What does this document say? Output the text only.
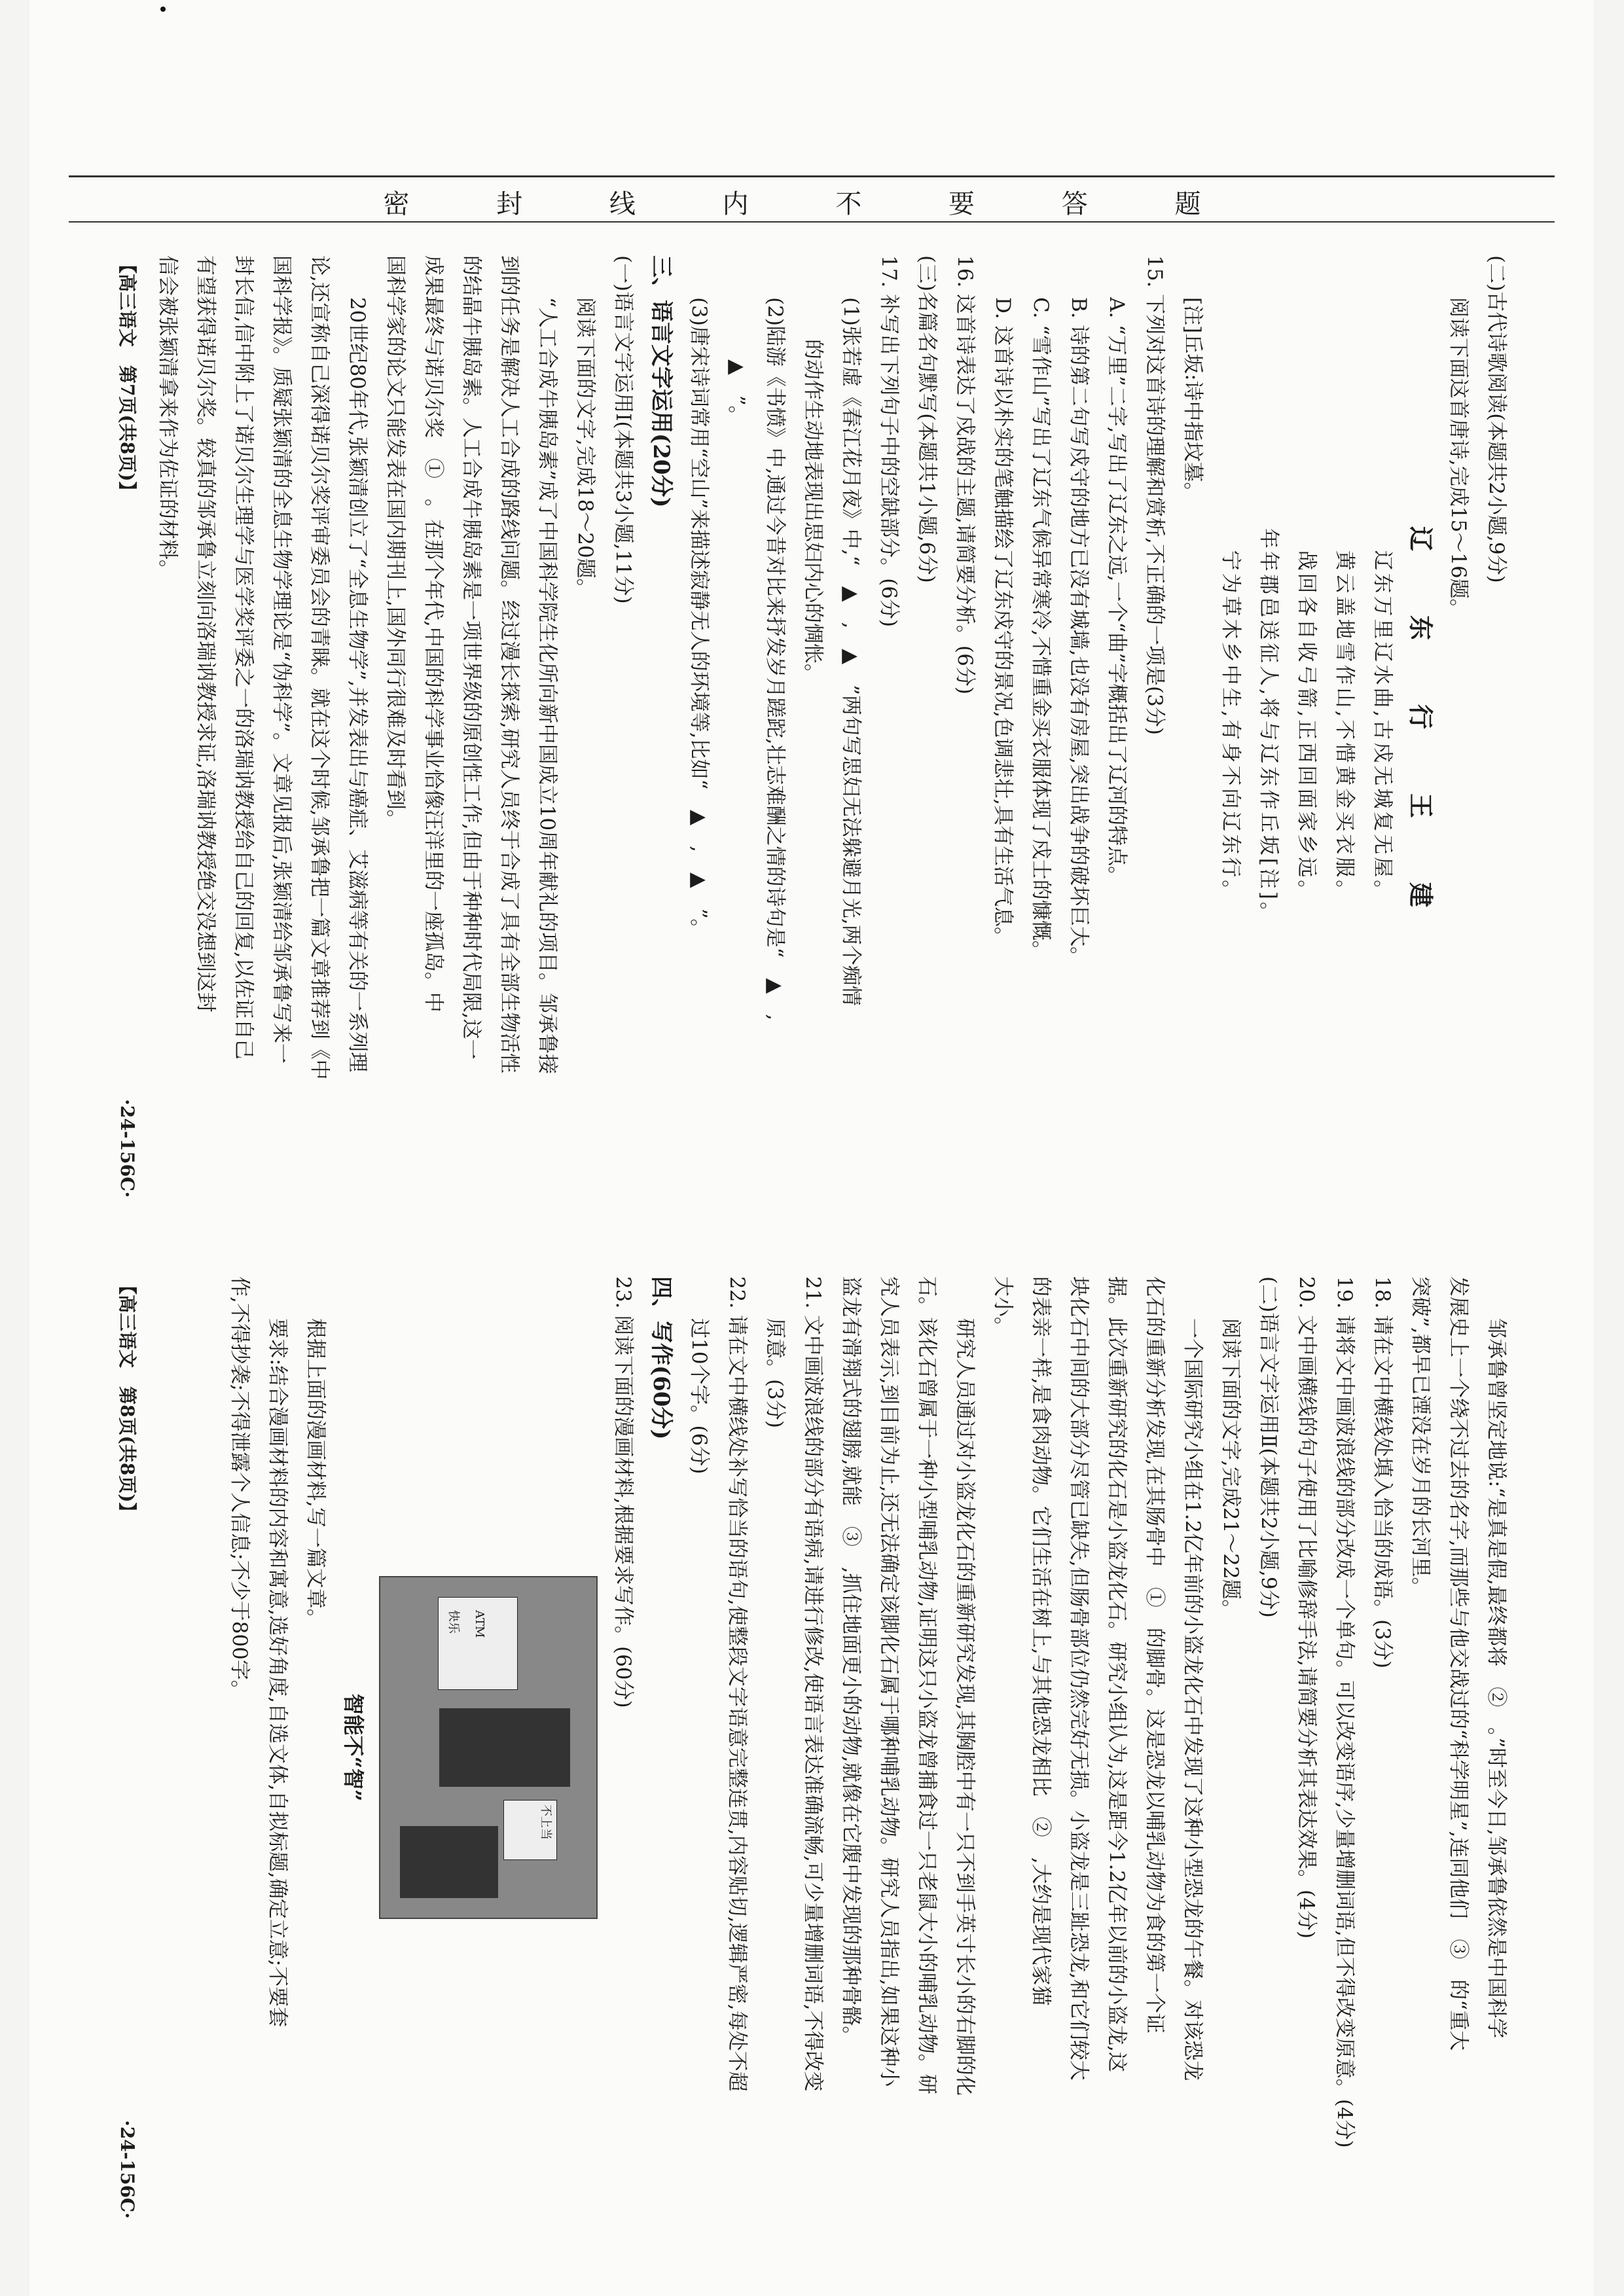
密 封 线 内 不 要 答 题
(二)古代诗歌阅读(本题共2小题,9分)
阅读下面这首唐诗,完成15～16题。
辽　东　行　王　建
辽东万里辽水曲,古戍无城复无屋。
黄云盖地雪作山,不惜黄金买衣服。
战回各自收弓箭,正西回面家乡远。
年年郡邑送征人,将与辽东作丘坂[注]。
宁为草木乡中生,有身不向辽东行。
[注]丘坂:诗中指坟墓。
15. 下列对这首诗的理解和赏析,不正确的一项是(3分)
A. “万里”二字,写出了辽东之远,一个“曲”字概括出了辽河的特点。
B. 诗的第二句写戍守的地方已没有城墙,也没有房屋,突出战争的破坏巨大。
C. “雪作山”写出了辽东气候异常寒冷,不惜重金买衣服体现了戍士的慷慨。
D. 这首诗以朴实的笔触描绘了辽东戍守的景况,色调悲壮,具有生活气息。
16. 这首诗表达了戍战的主题,请简要分析。(6分)
(三)名篇名句默写(本题共1小题,6分)
17. 补写出下列句子中的空缺部分。(6分)
(1)张若虚《春江花月夜》中,“　▲　,　▲　”两句写思妇无法躲避月光,两个痴情
的动作生动地表现出思妇内心的惆怅。
(2)陆游《书愤》中,通过今昔对比来抒发岁月蹉跎,壮志难酬之情的诗句是“　▲　,
　▲　”。
(3)唐宋诗词常用“空山”来描述寂静无人的环境等,比如“　▲　,　▲　”。
三、语言文字运用(20分)
(一)语言文字运用Ⅰ(本题共3小题,11分)
阅读下面的文字,完成18～20题。
“人工合成牛胰岛素”成了中国科学院生化所向新中国成立10周年献礼的项目。邹承鲁接
到的任务是解决人工合成的路线问题。经过漫长探索,研究人员终于合成了具有全部生物活性
的结晶牛胰岛素。人工合成牛胰岛素是一项世界级的原创性工作,但由于种种时代局限,这一
成果最终与诺贝尔奖　①　。在那个年代,中国的科学事业恰像汪洋里的一座孤岛。中
国科学家的论文只能发表在国内期刊上,国外同行很难及时看到。
20世纪80年代,张颖清创立了“全息生物学”,并发表出与癌症、艾滋病等有关的一系列理
论,还宣称自己深得诺贝尔奖评审委员会的青睐。就在这个时候,邹承鲁把一篇文章推荐到《中
国科学报》。质疑张颖清的全息生物学理论是“伪科学”。文章见报后,张颖清给邹承鲁写来一
封长信,信中附上了诺贝尔生理学与医学奖评委之一的洛瑞讷教授给自己的回复,以佐证自己
有望获得诺贝尔奖。较真的邹承鲁立刻向洛瑞讷教授求证,洛瑞讷教授绝交没想到这封
信会被张颖清拿来作为佐证的材料。
【高三语文　第7页(共8页)】
·24-156C·
邹承鲁曾坚定地说:“是真是假,最终都将　②　。”时至今日,邹承鲁依然是中国科学
发展史上一个绕不过去的名字,而那些与他交战过的“科学明星”,连同他们　③　的“重大
突破”,都早已湮没在岁月的长河里。
18. 请在文中横线处填入恰当的成语。(3分)
19. 请将文中画波浪线的部分改成一个单句。可以改变语序,少量增删词语,但不得改变原意。(4分)
20. 文中画横线的句子使用了比喻修辞手法,请简要分析其表达效果。(4分)
(二)语言文字运用Ⅱ(本题共2小题,9分)
阅读下面的文字,完成21～22题。
一个国际研究小组在1.2亿年前的小盗龙化石中发现了这种小型恐龙的午餐。对该恐龙
化石的重新分析发现,在其肠骨中　①　的脚骨。这是恐龙以哺乳动物为食的第一个证
据。此次重新研究的化石是小盗龙化石。研究小组认为,这是距今1.2亿年以前的小盗龙,这
块化石中间的大部分尽管已缺失,但肠骨部位仍然完好无损。小盗龙是三趾恐龙,和它们较大
的表亲一样,是食肉动物。它们生活在树上,与其他恐龙相比　②　,大约是现代家猫
大小。
研究人员通过对小盗龙化石的重新研究发现,其胸腔中有一只不到手英寸长小的右脚的化
石。该化石曾属于一种小型哺乳动物,证明这只小盗龙曾捕食过一只老鼠大小的哺乳动物。研
究人员表示,到目前为止,还无法确定该脚化石属于哪种哺乳动物。研究人员指出,如果这种小
盗龙有滑翔式的翅膀,就能　③　,抓住地面更小的动物,就像在它腹中发现的那种骨骼。
21. 文中画波浪线的部分有语病,请进行修改,使语言表达准确流畅,可少量增删词语,不得改变
原意。(3分)
22. 请在文中横线处补写恰当的语句,使整段文字语意完整连贯,内容贴切,逻辑严密,每处不超
过10个字。(6分)
四、写作(60分)
23. 阅读下面的漫画材料,根据要求写作。(60分)
不上当
ATM
快乐
智能不“智”
根据上面的漫画材料,写一篇文章。
要求:结合漫画材料的内容和寓意,选好角度,自选文体,自拟标题,确定立意;不要套
作,不得抄袭;不得泄露个人信息;不少于800字。
【高三语文　第8页(共8页)】
·24-156C·
